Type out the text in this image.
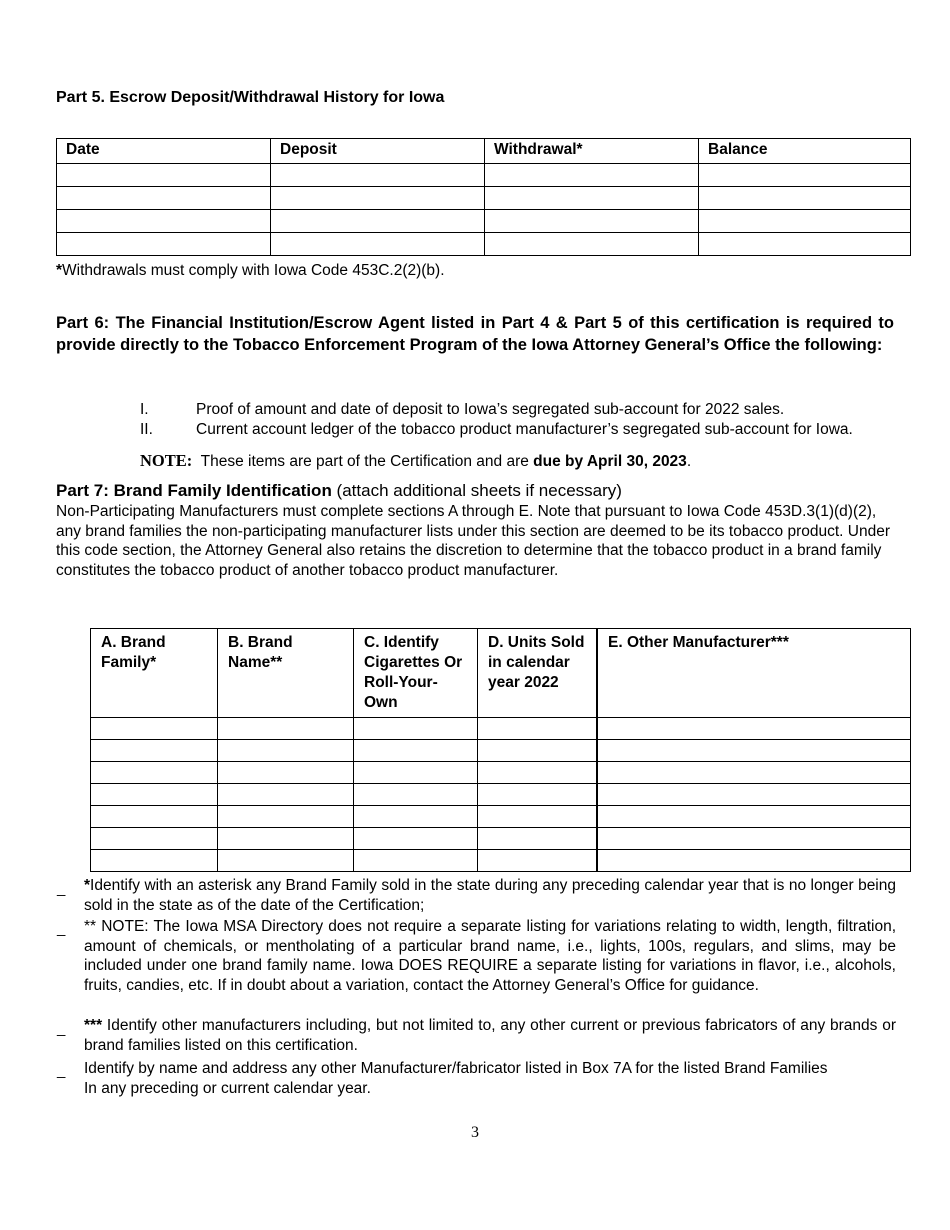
Part 5. Escrow Deposit/Withdrawal History for Iowa
Date	Deposit	Withdrawal*	Balance

*Withdrawals must comply with Iowa Code 453C.2(2)(b).
Part 6: The Financial Institution/Escrow Agent listed in Part 4 & Part 5 of this certification is required to provide directly to the Tobacco Enforcement Program of the Iowa Attorney General’s Office the following:
I.	Proof of amount and date of deposit to Iowa’s segregated sub-account for 2022 sales.
II.	Current account ledger of the tobacco product manufacturer’s segregated sub-account for Iowa.
NOTE: These items are part of the Certification and are due by April 30, 2023.
Part 7: Brand Family Identification (attach additional sheets if necessary)
Non-Participating Manufacturers must complete sections A through E. Note that pursuant to Iowa Code 453D.3(1)(d)(2), any brand families the non-participating manufacturer lists under this section are deemed to be its tobacco product. Under this code section, the Attorney General also retains the discretion to determine that the tobacco product in a brand family constitutes the tobacco product of another tobacco product manufacturer.
A. Brand Family*	B. Brand Name**	C. Identify Cigarettes Or Roll-Your-Own	D. Units Sold in calendar year 2022	E. Other Manufacturer***

_ *Identify with an asterisk any Brand Family sold in the state during any preceding calendar year that is no longer being sold in the state as of the date of the Certification;
_ ** NOTE: The Iowa MSA Directory does not require a separate listing for variations relating to width, length, filtration, amount of chemicals, or mentholating of a particular brand name, i.e., lights, 100s, regulars, and slims, may be included under one brand family name. Iowa DOES REQUIRE a separate listing for variations in flavor, i.e., alcohols, fruits, candies, etc. If in doubt about a variation, contact the Attorney General’s Office for guidance.
_ *** Identify other manufacturers including, but not limited to, any other current or previous fabricators of any brands or brand families listed on this certification.
_ Identify by name and address any other Manufacturer/fabricator listed in Box 7A for the listed Brand Families In any preceding or current calendar year.
3
